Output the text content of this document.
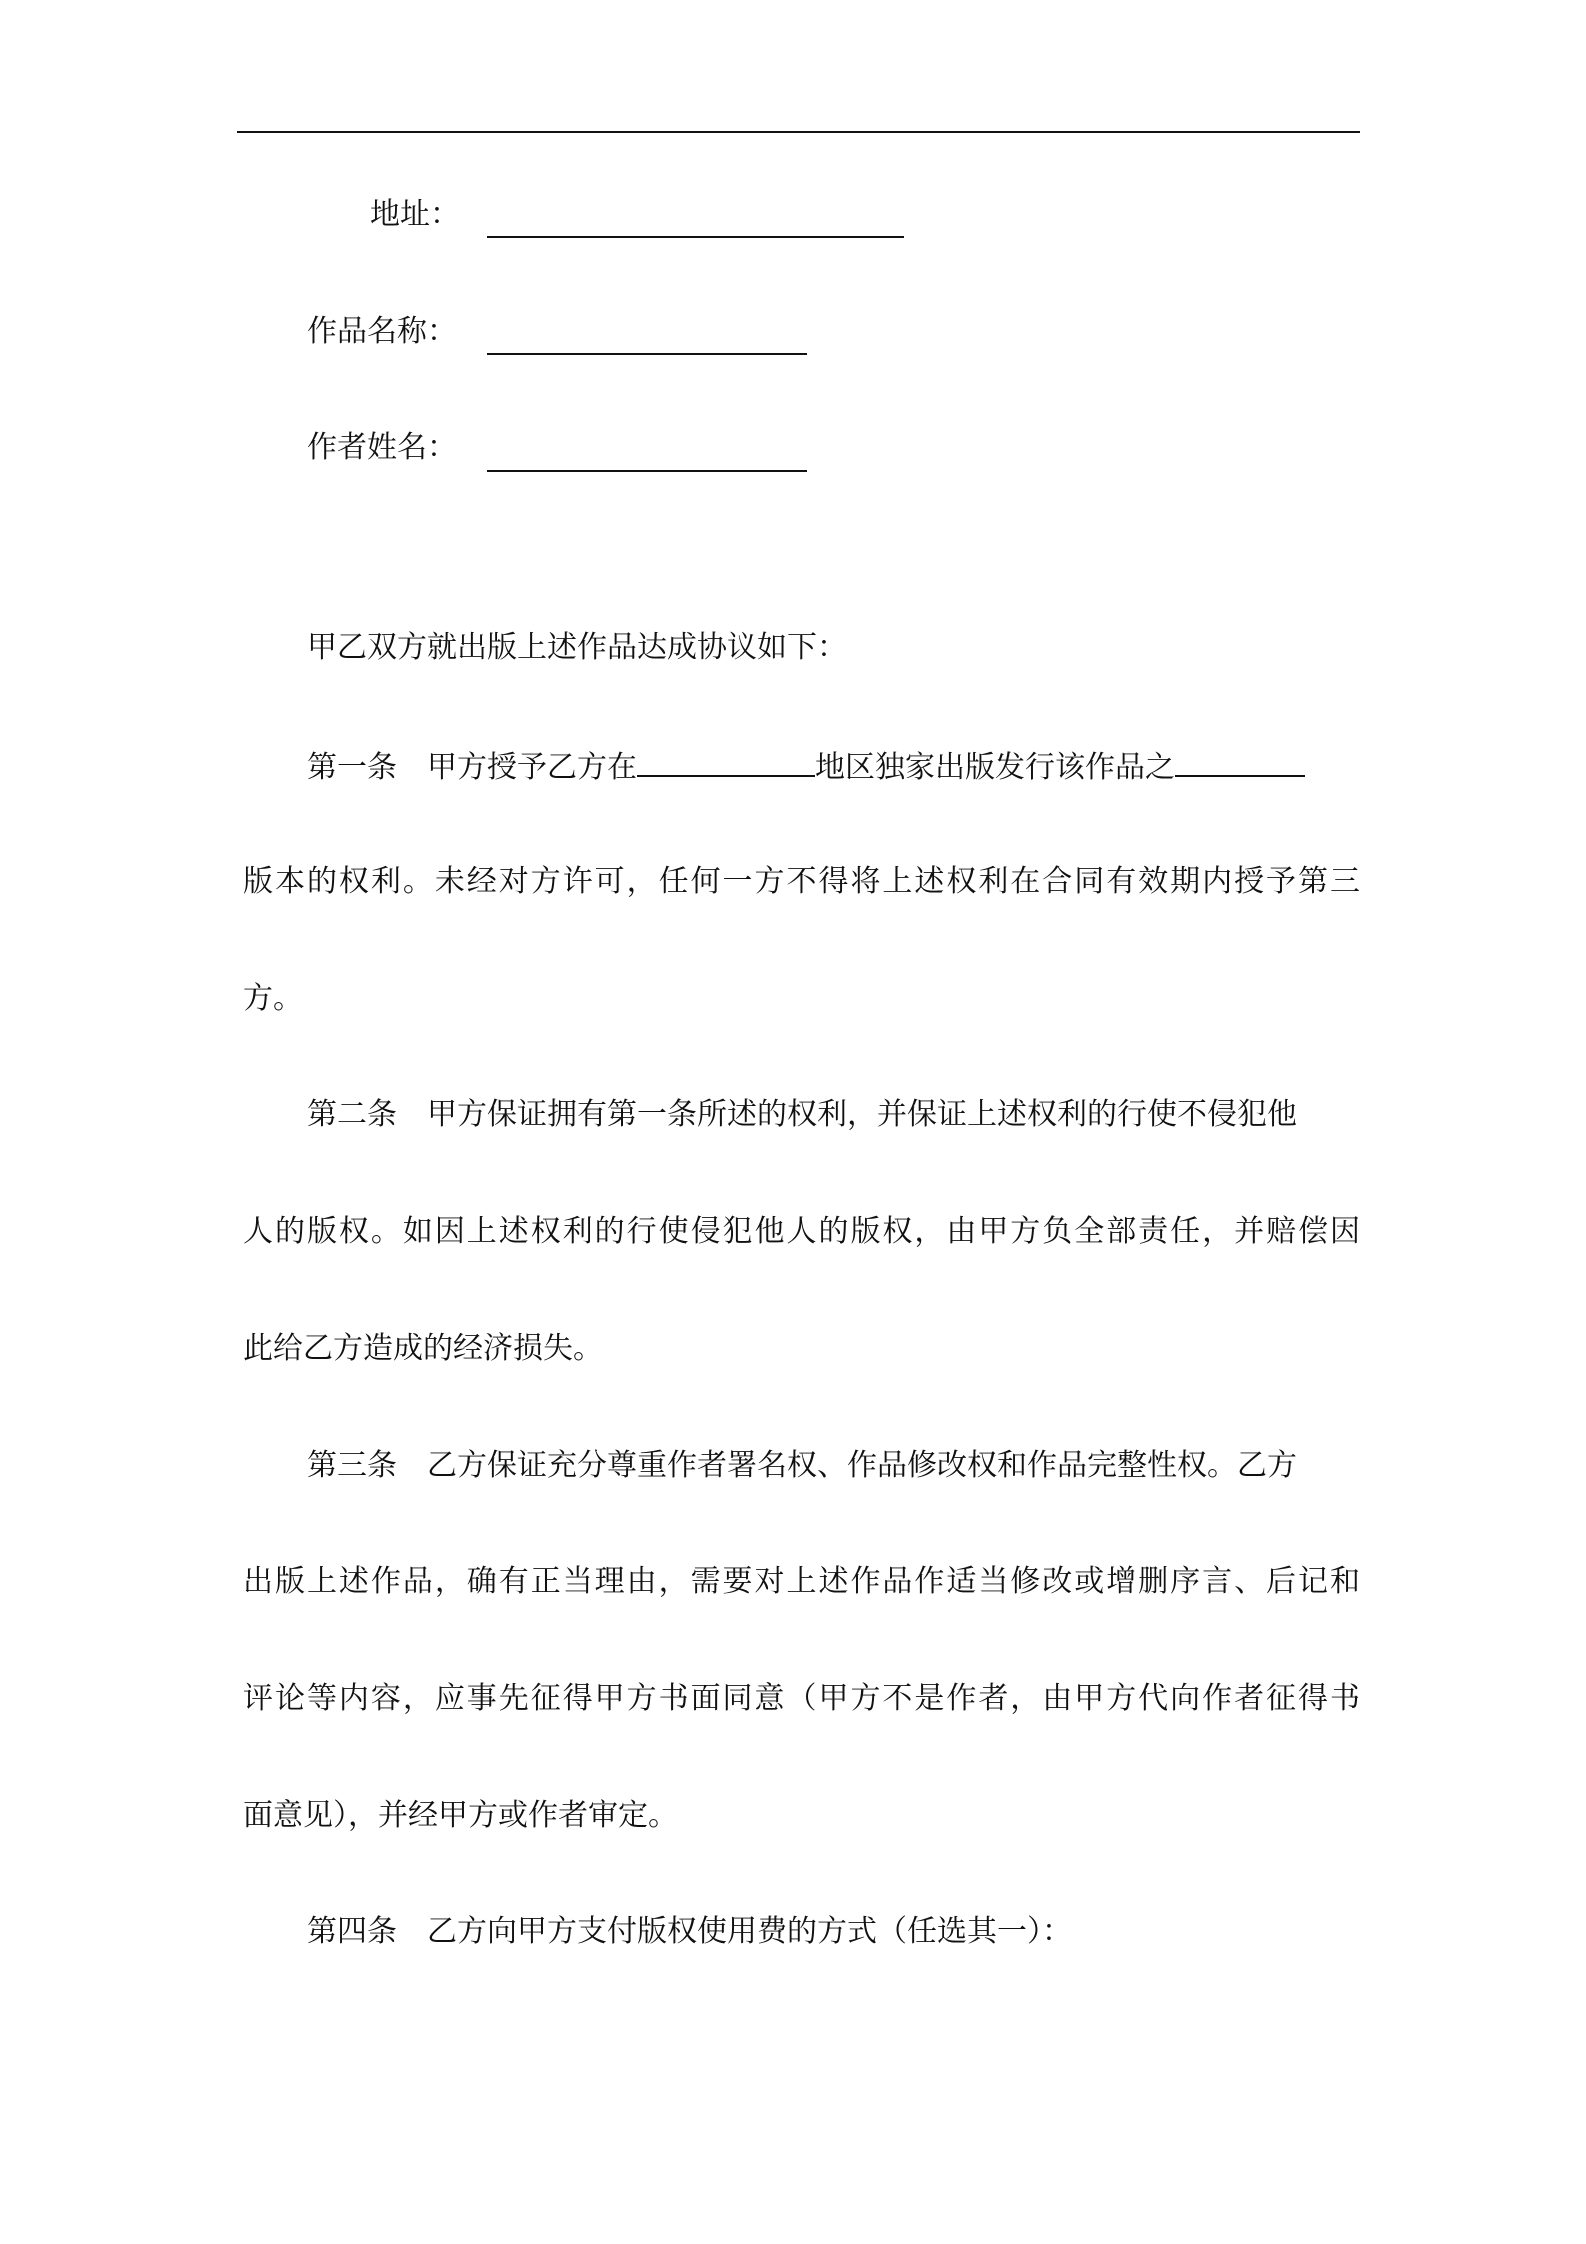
地址：
作品名称：
作者姓名：
甲乙双方就出版上述作品达成协议如下：
第一条 甲方授予乙方在	地区独家出版发行该作品之
版本的权利。未经对方许可，任何一方不得将上述权利在合同有效期内授予第三
方。
第二条 甲方保证拥有第一条所述的权利，并保证上述权利的行使不侵犯他
人的版权。如因上述权利的行使侵犯他人的版权，由甲方负全部责任，并赔偿因
此给乙方造成的经济损失。
第三条 乙方保证充分尊重作者署名权、作品修改权和作品完整性权。乙方
出版上述作品，确有正当理由，需要对上述作品作适当修改或增删序言、后记和
评论等内容，应事先征得甲方书面同意（甲方不是作者，由甲方代向作者征得书
面意见），并经甲方或作者审定。
第四条 乙方向甲方支付版权使用费的方式（任选其一）：
